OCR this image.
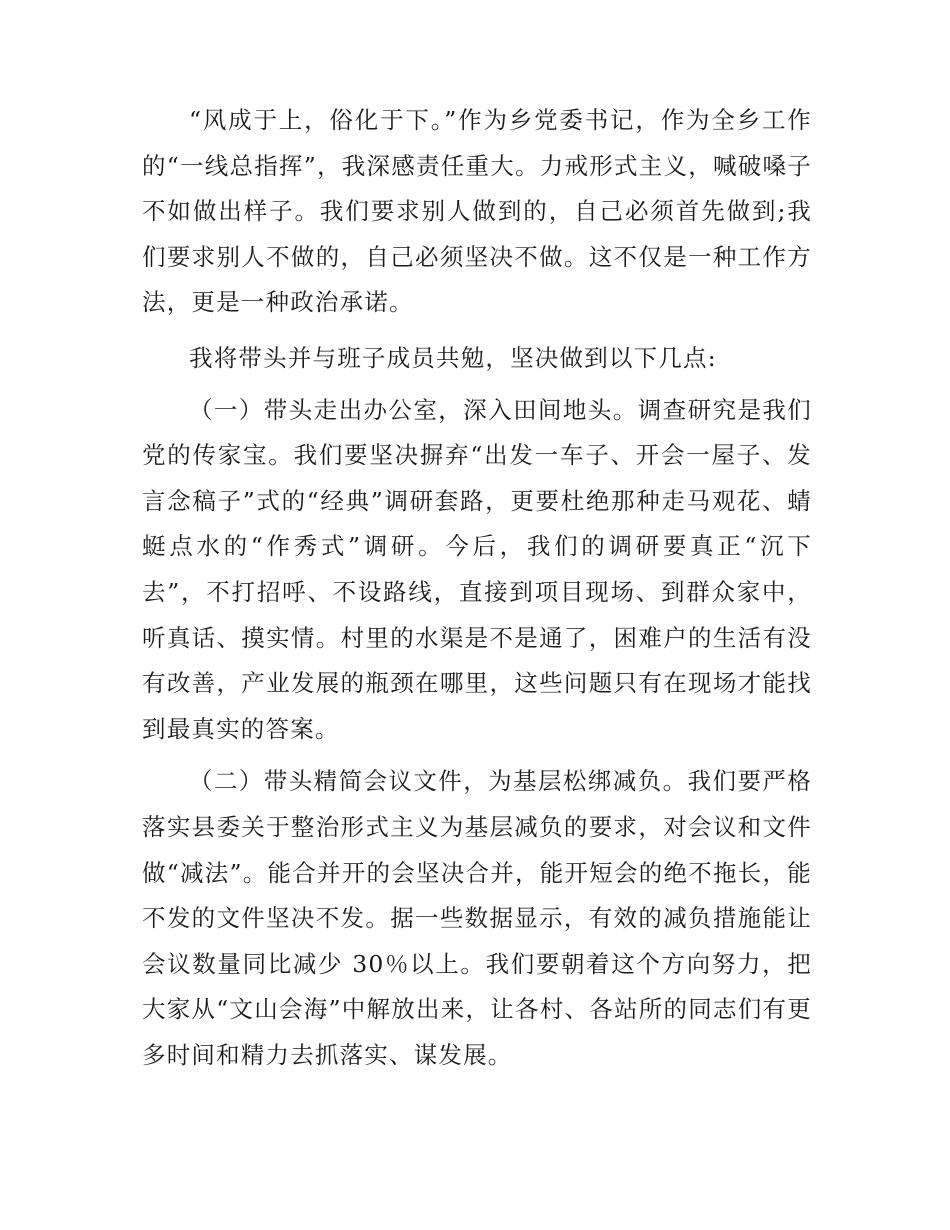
“风成于上，俗化于下。”作为乡党委书记，作为全乡工作的“一线总指挥”，我深感责任重大。力戒形式主义，喊破嗓子不如做出样子。我们要求别人做到的，自己必须首先做到;我们要求别人不做的，自己必须坚决不做。这不仅是一种工作方法，更是一种政治承诺。

我将带头并与班子成员共勉，坚决做到以下几点:

（一）带头走出办公室，深入田间地头。调查研究是我们党的传家宝。我们要坚决摒弃“出发一车子、开会一屋子、发言念稿子”式的“经典”调研套路，更要杜绝那种走马观花、蜻蜓点水的“作秀式”调研。今后，我们的调研要真正“沉下去”，不打招呼、不设路线，直接到项目现场、到群众家中，听真话、摸实情。村里的水渠是不是通了，困难户的生活有没有改善，产业发展的瓶颈在哪里，这些问题只有在现场才能找到最真实的答案。

（二）带头精简会议文件，为基层松绑减负。我们要严格落实县委关于整治形式主义为基层减负的要求，对会议和文件做“减法”。能合并开的会坚决合并，能开短会的绝不拖长，能不发的文件坚决不发。据一些数据显示，有效的减负措施能让会议数量同比减少 30％以上。我们要朝着这个方向努力，把大家从“文山会海”中解放出来，让各村、各站所的同志们有更多时间和精力去抓落实、谋发展。
